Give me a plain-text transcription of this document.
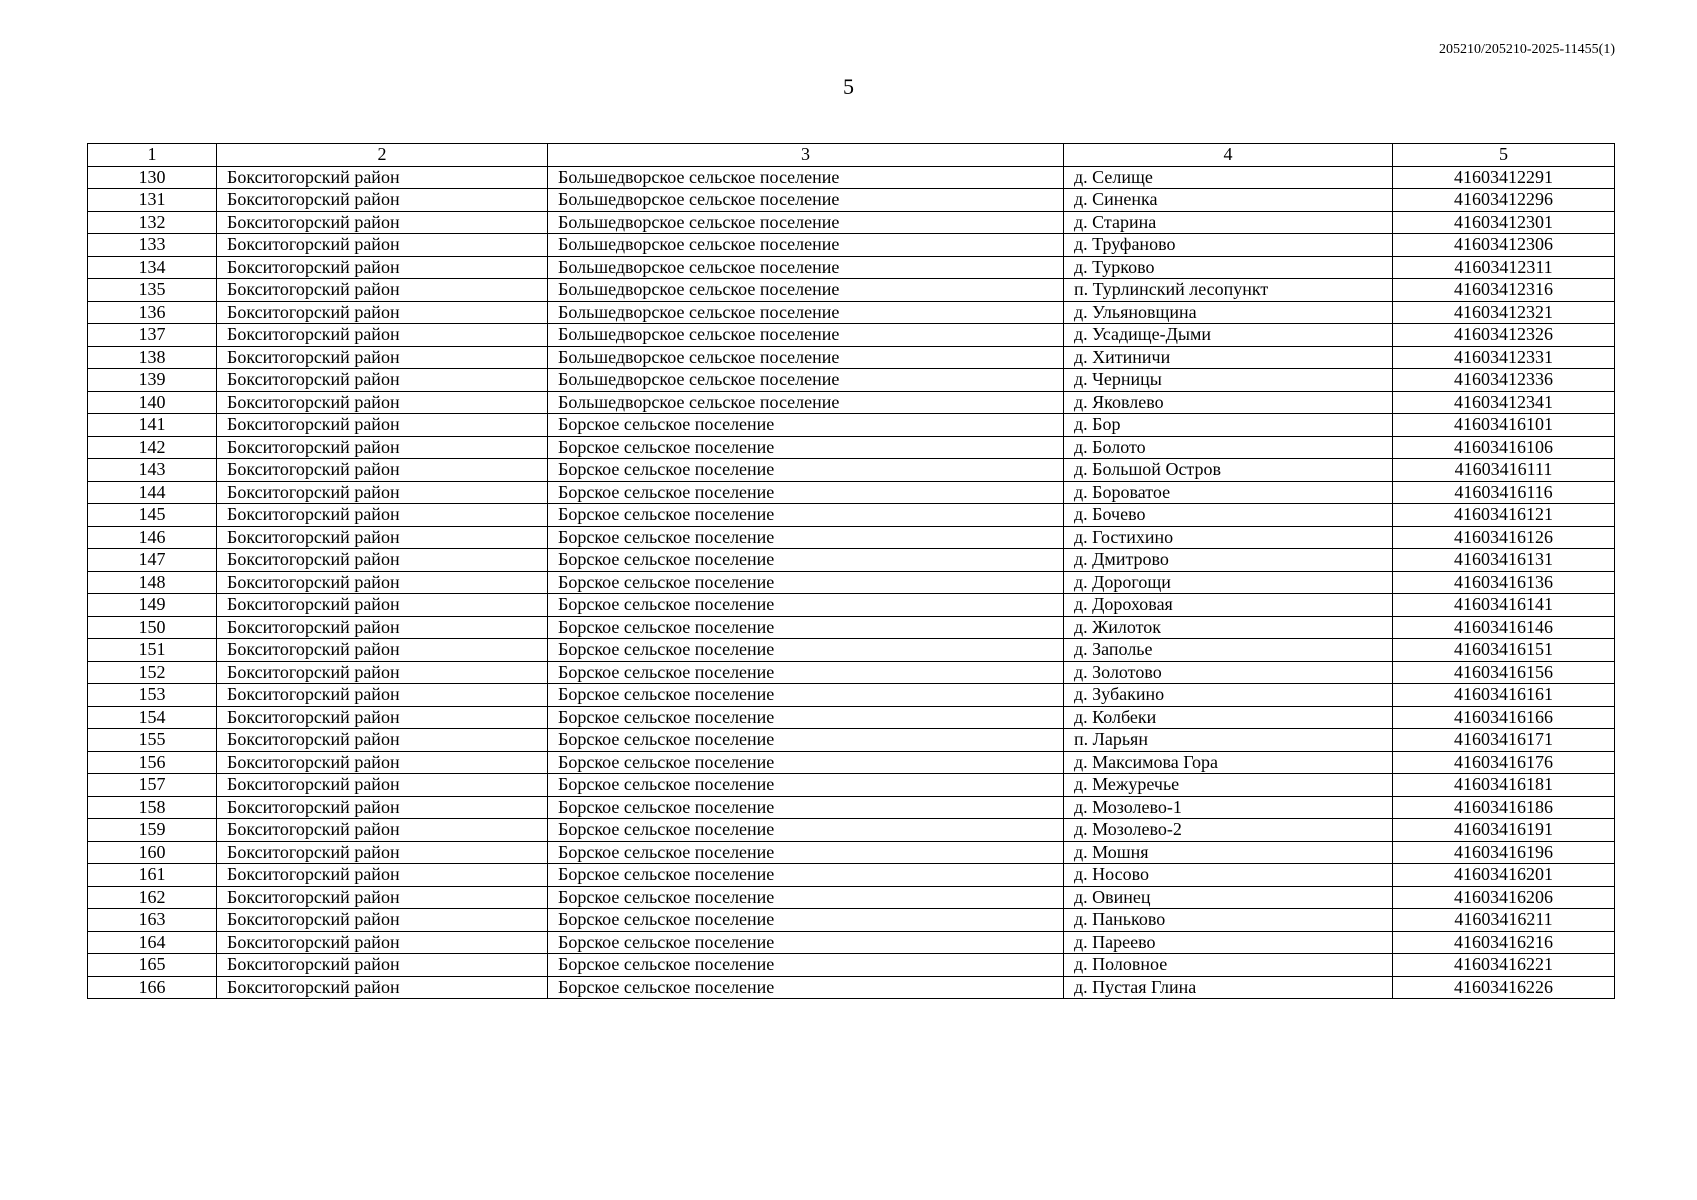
205210/205210-2025-11455(1)
5
1	2	3	4	5
130	Бокситогорский район	Большедворское сельское поселение	д. Селище	41603412291
131	Бокситогорский район	Большедворское сельское поселение	д. Синенка	41603412296
132	Бокситогорский район	Большедворское сельское поселение	д. Старина	41603412301
133	Бокситогорский район	Большедворское сельское поселение	д. Труфаново	41603412306
134	Бокситогорский район	Большедворское сельское поселение	д. Турково	41603412311
135	Бокситогорский район	Большедворское сельское поселение	п. Турлинский лесопункт	41603412316
136	Бокситогорский район	Большедворское сельское поселение	д. Ульяновщина	41603412321
137	Бокситогорский район	Большедворское сельское поселение	д. Усадище-Дыми	41603412326
138	Бокситогорский район	Большедворское сельское поселение	д. Хитиничи	41603412331
139	Бокситогорский район	Большедворское сельское поселение	д. Черницы	41603412336
140	Бокситогорский район	Большедворское сельское поселение	д. Яковлево	41603412341
141	Бокситогорский район	Борское сельское поселение	д. Бор	41603416101
142	Бокситогорский район	Борское сельское поселение	д. Болото	41603416106
143	Бокситогорский район	Борское сельское поселение	д. Большой Остров	41603416111
144	Бокситогорский район	Борское сельское поселение	д. Бороватое	41603416116
145	Бокситогорский район	Борское сельское поселение	д. Бочево	41603416121
146	Бокситогорский район	Борское сельское поселение	д. Гостихино	41603416126
147	Бокситогорский район	Борское сельское поселение	д. Дмитрово	41603416131
148	Бокситогорский район	Борское сельское поселение	д. Дорогощи	41603416136
149	Бокситогорский район	Борское сельское поселение	д. Дороховая	41603416141
150	Бокситогорский район	Борское сельское поселение	д. Жилоток	41603416146
151	Бокситогорский район	Борское сельское поселение	д. Заполье	41603416151
152	Бокситогорский район	Борское сельское поселение	д. Золотово	41603416156
153	Бокситогорский район	Борское сельское поселение	д. Зубакино	41603416161
154	Бокситогорский район	Борское сельское поселение	д. Колбеки	41603416166
155	Бокситогорский район	Борское сельское поселение	п. Ларьян	41603416171
156	Бокситогорский район	Борское сельское поселение	д. Максимова Гора	41603416176
157	Бокситогорский район	Борское сельское поселение	д. Межуречье	41603416181
158	Бокситогорский район	Борское сельское поселение	д. Мозолево-1	41603416186
159	Бокситогорский район	Борское сельское поселение	д. Мозолево-2	41603416191
160	Бокситогорский район	Борское сельское поселение	д. Мошня	41603416196
161	Бокситогорский район	Борское сельское поселение	д. Носово	41603416201
162	Бокситогорский район	Борское сельское поселение	д. Овинец	41603416206
163	Бокситогорский район	Борское сельское поселение	д. Паньково	41603416211
164	Бокситогорский район	Борское сельское поселение	д. Пареево	41603416216
165	Бокситогорский район	Борское сельское поселение	д. Половное	41603416221
166	Бокситогорский район	Борское сельское поселение	д. Пустая Глина	41603416226
